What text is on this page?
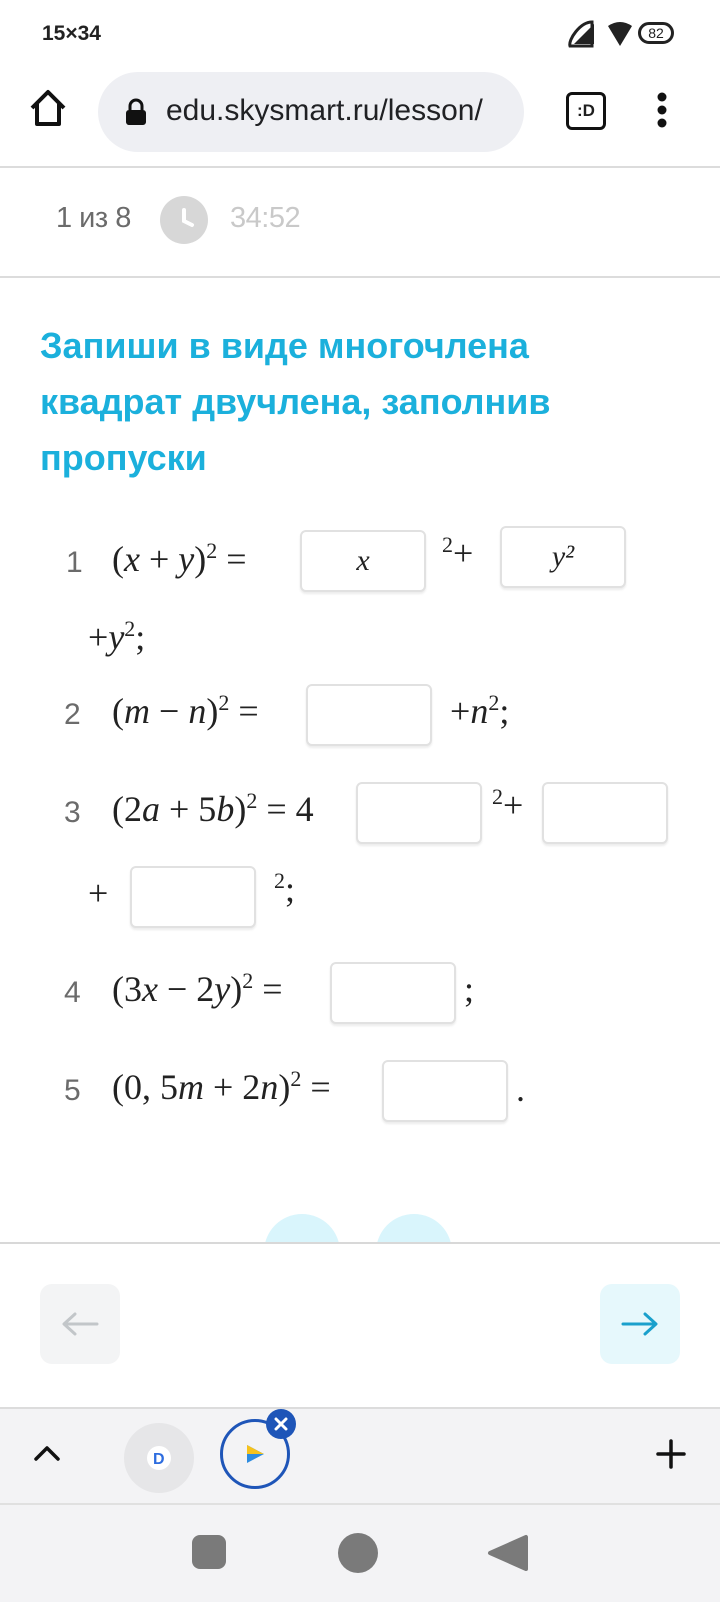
15×34	82
edu.skysmart.ru/lesson/	:D
1 из 8	34:52
Запиши в виде многочлена квадрат двучлена, заполнив пропуски
1 $(x + y)^2$ =	x	$^2$+	y²
$+y^2$;
2 $(m - n)^2$ =	$+n^2$;
3 $(2a + 5b)^2 = 4$	$^2$+
+	$^2$;
4 $(3x - 2y)^2$ =	;
5 (0, 5m + 2n)$^2$ =	.
D
